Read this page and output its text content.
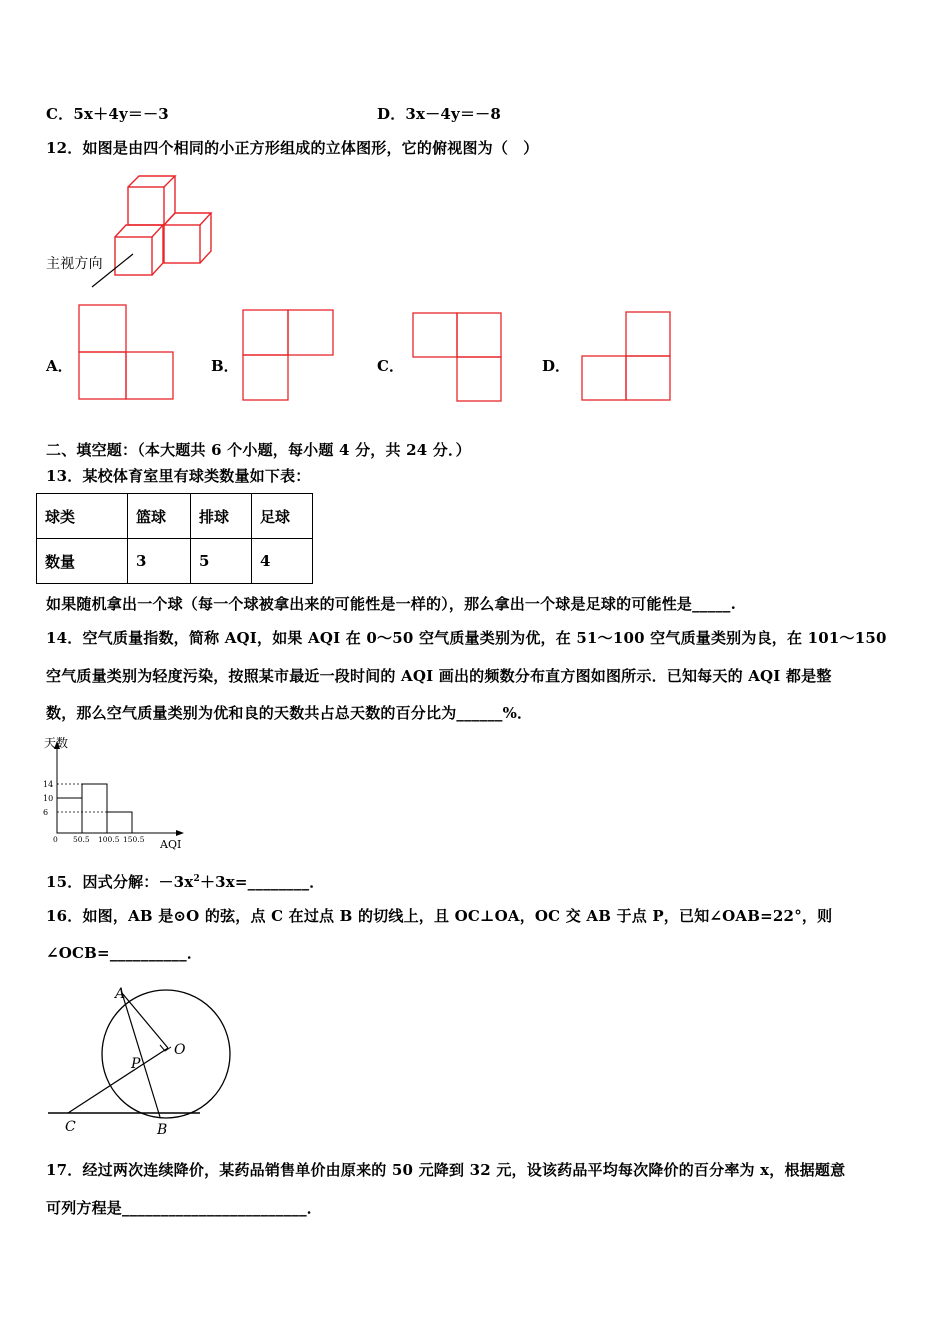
C．5x＋4y＝－3	D．3x－4y＝－8
12．如图是由四个相同的小正方形组成的立体图形，它的俯视图为（　）
主视方向
A．	B．	C．	D．
二、填空题：（本大题共 6 个小题，每小题 4 分，共 24 分．）
13．某校体育室里有球类数量如下表：
球类	篮球	排球	足球
数量	3	5	4
如果随机拿出一个球（每一个球被拿出来的可能性是一样的），那么拿出一个球是足球的可能性是_____.
14．空气质量指数，简称 AQI，如果 AQI 在 0～50 空气质量类别为优，在 51～100 空气质量类别为良，在 101～150
空气质量类别为轻度污染，按照某市最近一段时间的 AQI 画出的频数分布直方图如图所示．已知每天的 AQI 都是整
数，那么空气质量类别为优和良的天数共占总天数的百分比为______%．
14
10
6
0 50.5 100.5 150.5
天数
AQI
15．因式分解：$-3x^2+3x=\_\_\_\_\_\_\_\_$．
16．如图，AB 是⊙O 的弦，点 C 在过点 B 的切线上，且 OC⊥OA，OC 交 AB 于点 P，已知∠OAB=22°，则
∠OCB=__________．
A
O
P
C	B
17．经过两次连续降价，某药品销售单价由原来的 50 元降到 32 元，设该药品平均每次降价的百分率为 x，根据题意
可列方程是________________________．
